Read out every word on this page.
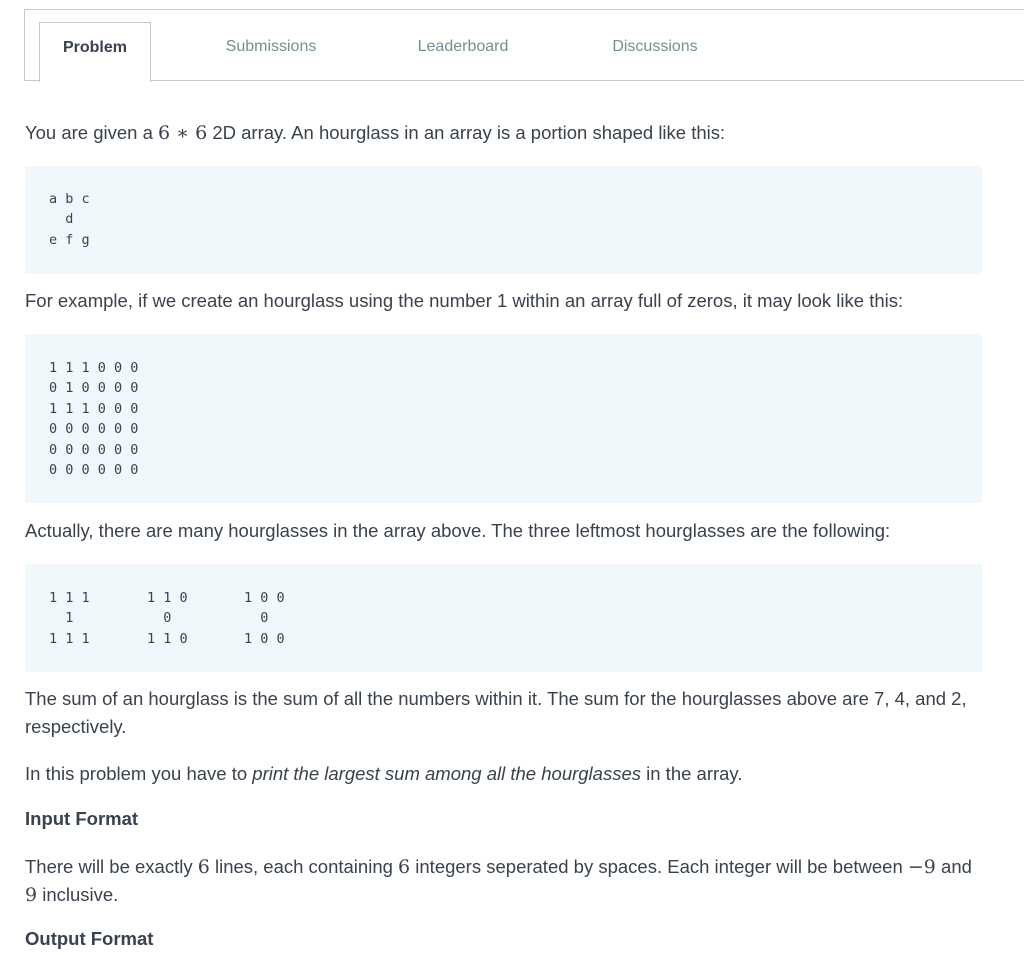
Problem	Submissions	Leaderboard	Discussions
You are given a 6 ∗ 6 2D array. An hourglass in an array is a portion shaped like this:
a b c
d
e f g
For example, if we create an hourglass using the number 1 within an array full of zeros, it may look like this:
1 1 1 0 0 0
0 1 0 0 0 0
1 1 1 0 0 0
0 0 0 0 0 0
0 0 0 0 0 0
0 0 0 0 0 0
Actually, there are many hourglasses in the array above. The three leftmost hourglasses are the following:
1 1 1
1
1 1 1
1 1 0
0
1 1 0
1 0 0
0
1 0 0
The sum of an hourglass is the sum of all the numbers within it. The sum for the hourglasses above are 7, 4, and 2, respectively.
In this problem you have to print the largest sum among all the hourglasses in the array.
Input Format
There will be exactly 6 lines, each containing 6 integers seperated by spaces. Each integer will be between −9 and 9 inclusive.
Output Format
